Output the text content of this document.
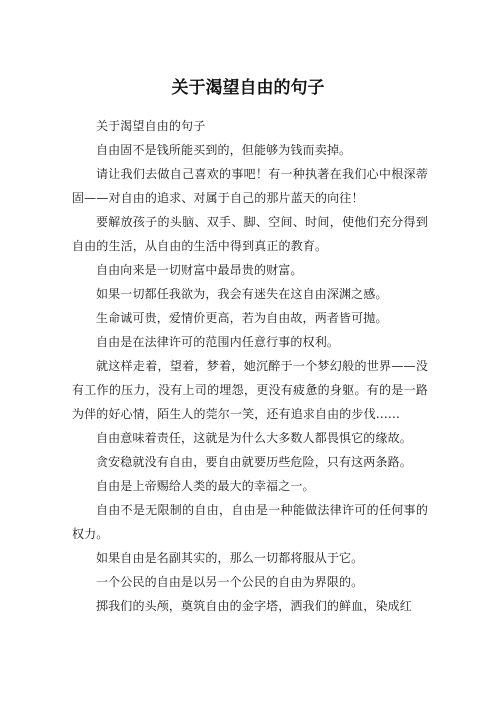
关于渴望自由的句子

关于渴望自由的句子

自由固不是钱所能买到的，但能够为钱而卖掉。

请让我们去做自己喜欢的事吧！有一种执著在我们心中根深蒂固——对自由的追求、对属于自己的那片蓝天的向往！

要解放孩子的头脑、双手、脚、空间、时间，使他们充分得到自由的生活，从自由的生活中得到真正的教育。

自由向来是一切财富中最昂贵的财富。

如果一切都任我欲为，我会有迷失在这自由深渊之感。

生命诚可贵，爱情价更高，若为自由故，两者皆可抛。

自由是在法律许可的范围内任意行事的权利。

就这样走着，望着，梦着，她沉醉于一个梦幻般的世界——没有工作的压力，没有上司的埋怨，更没有疲惫的身躯。有的是一路为伴的好心情，陌生人的莞尔一笑，还有追求自由的步伐……

自由意味着责任，这就是为什么大多数人都畏惧它的缘故。

贪安稳就没有自由，要自由就要历些危险，只有这两条路。

自由是上帝赐给人类的最大的幸福之一。

自由不是无限制的自由，自由是一种能做法律许可的任何事的权力。

如果自由是名副其实的，那么一切都将服从于它。

一个公民的自由是以另一个公民的自由为界限的。

掷我们的头颅，奠筑自由的金字塔，洒我们的鲜血，染成红
